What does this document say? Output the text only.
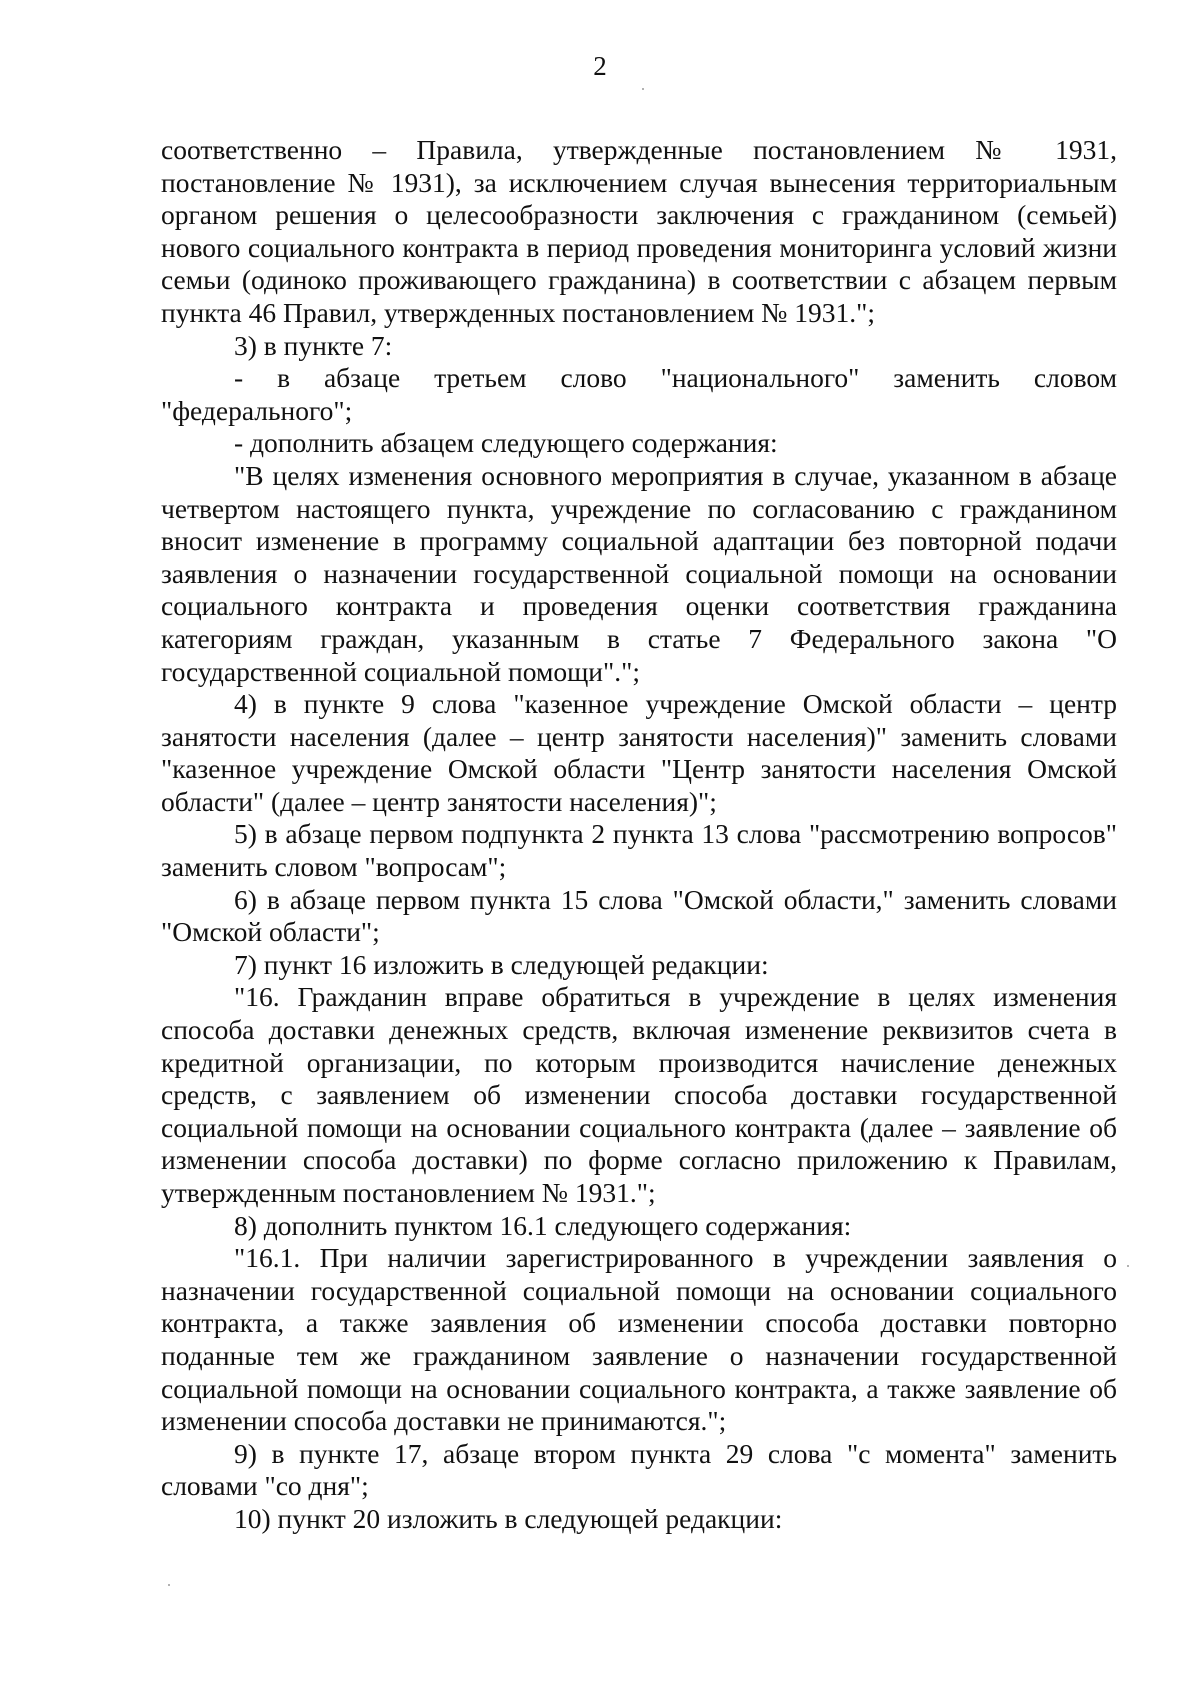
2

соответственно – Правила, утвержденные постановлением № 1931, постановление № 1931), за исключением случая вынесения территориальным органом решения о целесообразности заключения с гражданином (семьей) нового социального контракта в период проведения мониторинга условий жизни семьи (одиноко проживающего гражданина) в соответствии с абзацем первым пункта 46 Правил, утвержденных постановлением № 1931.";

3) в пункте 7:

- в абзаце третьем слово "национального" заменить словом "федерального";

- дополнить абзацем следующего содержания:

"В целях изменения основного мероприятия в случае, указанном в абзаце четвертом настоящего пункта, учреждение по согласованию с гражданином вносит изменение в программу социальной адаптации без повторной подачи заявления о назначении государственной социальной помощи на основании социального контракта и проведения оценки соответствия гражданина категориям граждан, указанным в статье 7 Федерального закона "О государственной социальной помощи".";

4) в пункте 9 слова "казенное учреждение Омской области – центр занятости населения (далее – центр занятости населения)" заменить словами "казенное учреждение Омской области "Центр занятости населения Омской области" (далее – центр занятости населения)";

5) в абзаце первом подпункта 2 пункта 13 слова "рассмотрению вопросов" заменить словом "вопросам";

6) в абзаце первом пункта 15 слова "Омской области," заменить словами "Омской области";

7) пункт 16 изложить в следующей редакции:

"16. Гражданин вправе обратиться в учреждение в целях изменения способа доставки денежных средств, включая изменение реквизитов счета в кредитной организации, по которым производится начисление денежных средств, с заявлением об изменении способа доставки государственной социальной помощи на основании социального контракта (далее – заявление об изменении способа доставки) по форме согласно приложению к Правилам, утвержденным постановлением № 1931.";

8) дополнить пунктом 16.1 следующего содержания:

"16.1. При наличии зарегистрированного в учреждении заявления о назначении государственной социальной помощи на основании социального контракта, а также заявления об изменении способа доставки повторно поданные тем же гражданином заявление о назначении государственной социальной помощи на основании социального контракта, а также заявление об изменении способа доставки не принимаются.";

9) в пункте 17, абзаце втором пункта 29 слова "с момента" заменить словами "со дня";

10) пункт 20 изложить в следующей редакции:
